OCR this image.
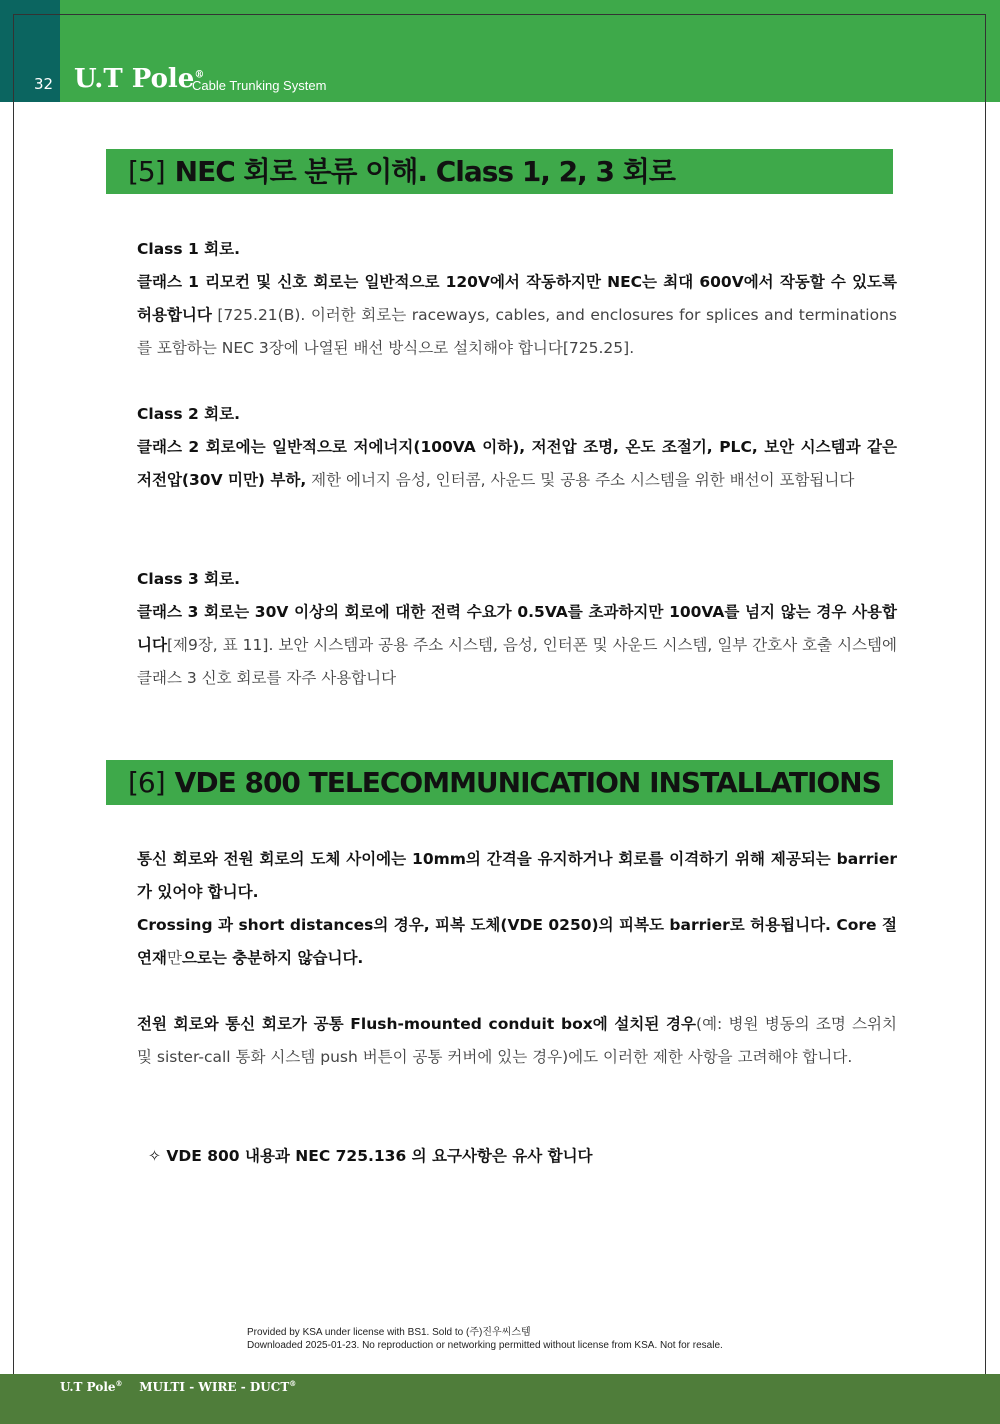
32 U.T Pole®
Cable Trunking System
[5] NEC 회로 분류 이해. Class 1, 2, 3 회로

Class 1 회로.

클래스 1 리모컨 및 신호 회로는 일반적으로 120V에서 작동하지만 NEC는 최대 600V에서 작동할 수 있도록 허용합니다 [725.21(B). 이러한 회로는 raceways, cables, and enclosures for splices and terminations 를 포함하는 NEC 3장에 나열된 배선 방식으로 설치해야 합니다[725.25].

Class 2 회로.

클래스 2 회로에는 일반적으로 저에너지(100VA 이하), 저전압 조명, 온도 조절기, PLC, 보안 시스템과 같은 저전압(30V 미만) 부하, 제한 에너지 음성, 인터콤, 사운드 및 공용 주소 시스템을 위한 배선이 포함됩니다

Class 3 회로.

클래스 3 회로는 30V 이상의 회로에 대한 전력 수요가 0.5VA를 초과하지만 100VA를 넘지 않는 경우 사용합니다[제9장, 표 11]. 보안 시스템과 공용 주소 시스템, 음성, 인터폰 및 사운드 시스템, 일부 간호사 호출 시스템에 클래스 3 신호 회로를 자주 사용합니다

[6] VDE 800 TELECOMMUNICATION INSTALLATIONS

통신 회로와 전원 회로의 도체 사이에는 10mm의 간격을 유지하거나 회로를 이격하기 위해 제공되는 barrier가 있어야 합니다.

Crossing 과 short distances의 경우, 피복 도체(VDE 0250)의 피복도 barrier로 허용됩니다. Core 절연재만으로는 충분하지 않습니다.

전원 회로와 통신 회로가 공통 Flush-mounted conduit box에 설치된 경우(예: 병원 병동의 조명 스위치 및 sister-call 통화 시스템 push 버튼이 공통 커버에 있는 경우)에도 이러한 제한 사항을 고려해야 합니다.

✧ VDE 800 내용과 NEC 725.136 의 요구사항은 유사 합니다
Provided by KSA under license with BS1. Sold to (주)진우씨스템
Downloaded 2025-01-23. No reproduction or networking permitted without license from KSA. Not for resale.
U.T Pole® MULTI - WIRE - DUCT®
